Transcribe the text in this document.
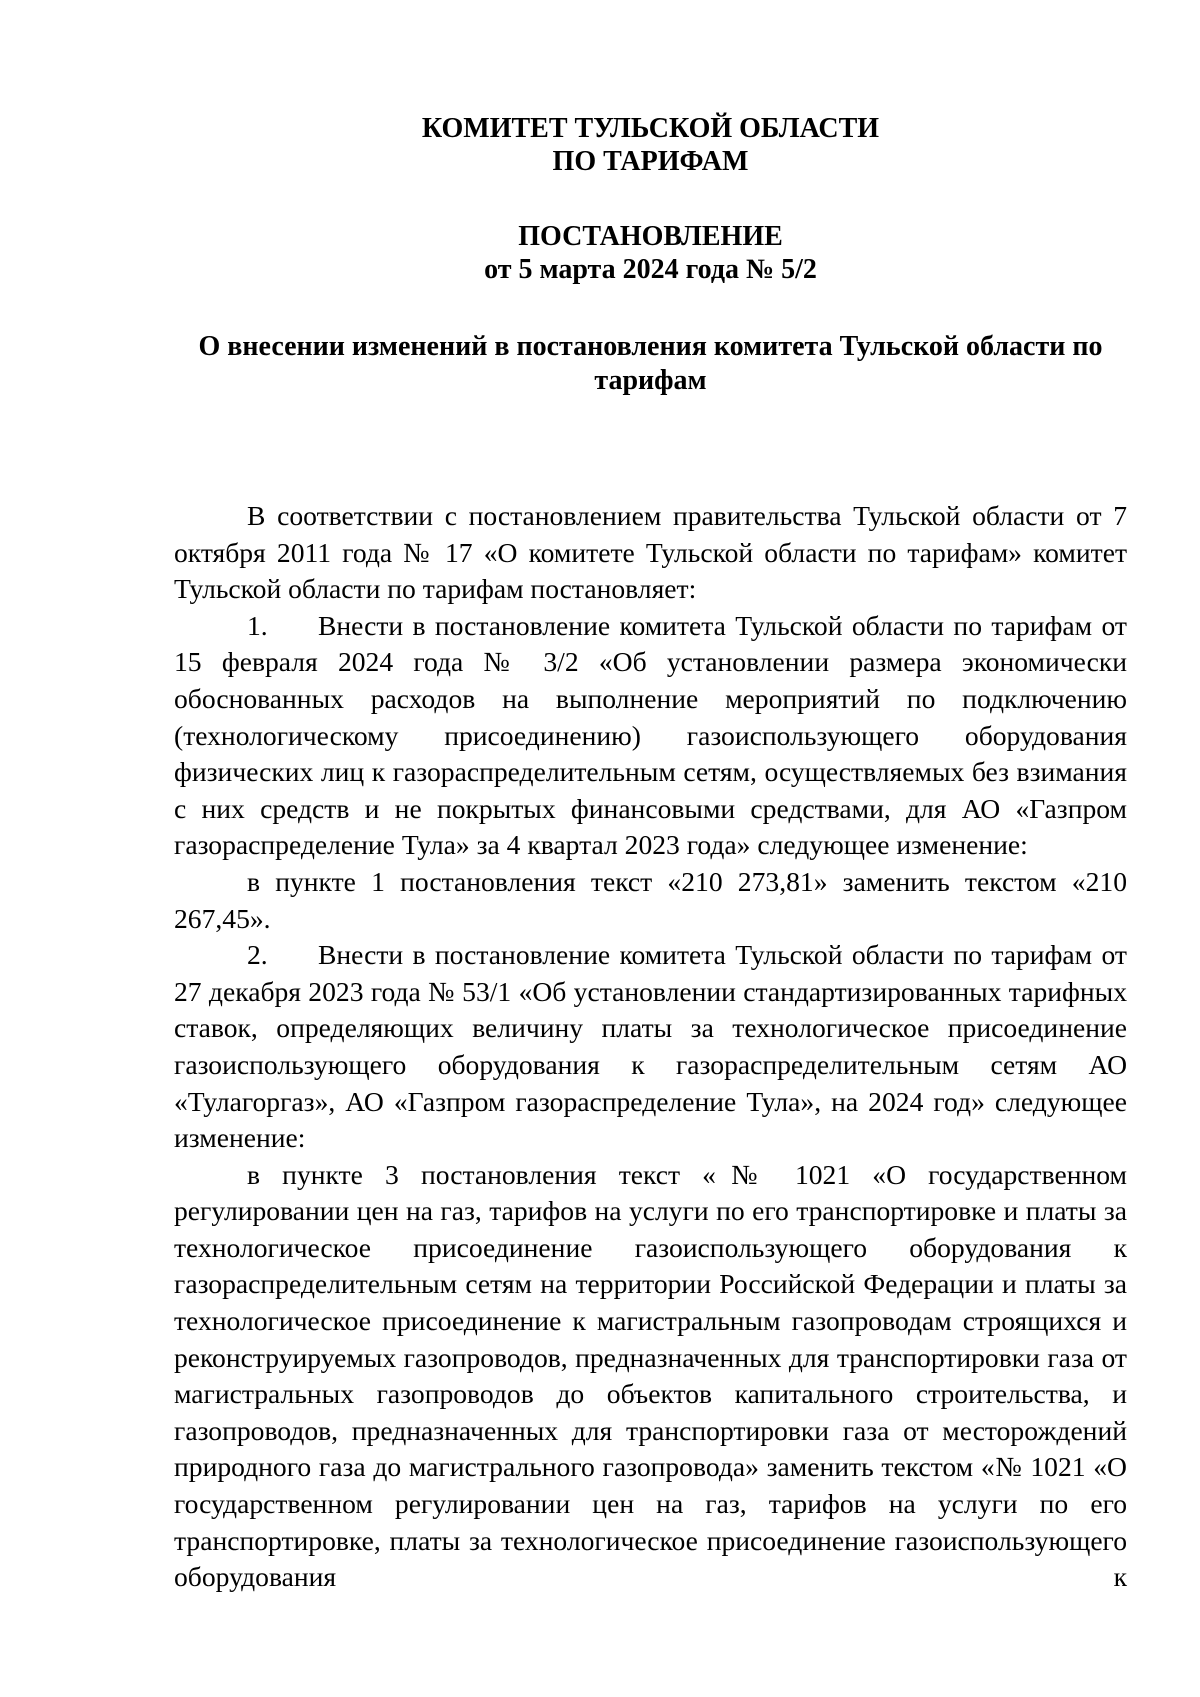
КОМИТЕТ ТУЛЬСКОЙ ОБЛАСТИ

ПО ТАРИФАМ

ПОСТАНОВЛЕНИЕ

от 5 марта 2024 года № 5/2

О внесении изменений в постановления комитета Тульской области по
тарифам

В соответствии с постановлением правительства Тульской области от 7 октября 2011 года № 17 «О комитете Тульской области по тарифам» комитет Тульской области по тарифам постановляет:

1. Внести в постановление комитета Тульской области по тарифам от 15 февраля 2024 года № 3/2 «Об установлении размера экономически обоснованных расходов на выполнение мероприятий по подключению (технологическому присоединению) газоиспользующего оборудования физических лиц к газораспределительным сетям, осуществляемых без взимания с них средств и не покрытых финансовыми средствами, для АО «Газпром газораспределение Тула» за 4 квартал 2023 года» следующее изменение:

в пункте 1 постановления текст «210 273,81» заменить текстом «210 267,45».

2. Внести в постановление комитета Тульской области по тарифам от 27 декабря 2023 года № 53/1 «Об установлении стандартизированных тарифных ставок, определяющих величину платы за технологическое присоединение газоиспользующего оборудования к газораспределительным сетям АО «Тулагоргаз», АО «Газпром газораспределение Тула», на 2024 год» следующее изменение:

в пункте 3 постановления текст «№ 1021 «О государственном регулировании цен на газ, тарифов на услуги по его транспортировке и платы за технологическое присоединение газоиспользующего оборудования к газораспределительным сетям на территории Российской Федерации и платы за технологическое присоединение к магистральным газопроводам строящихся и реконструируемых газопроводов, предназначенных для транспортировки газа от магистральных газопроводов до объектов капитального строительства, и газопроводов, предназначенных для транспортировки газа от месторождений природного газа до магистрального газопровода» заменить текстом «№ 1021 «О государственном регулировании цен на газ, тарифов на услуги по его транспортировке, платы за технологическое присоединение газоиспользующего оборудования к
